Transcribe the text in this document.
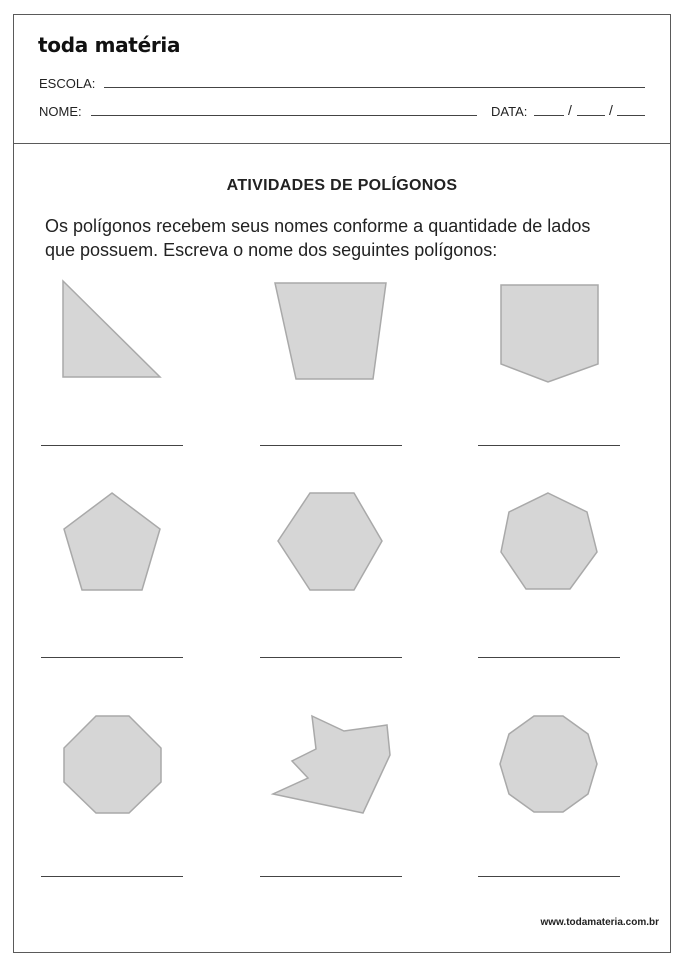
toda matéria
ESCOLA:
NOME:	DATA:	/	/
ATIVIDADES DE POLÍGONOS
Os polígonos recebem seus nomes conforme a quantidade de lados
que possuem. Escreva o nome dos seguintes polígonos:
www.todamateria.com.br
